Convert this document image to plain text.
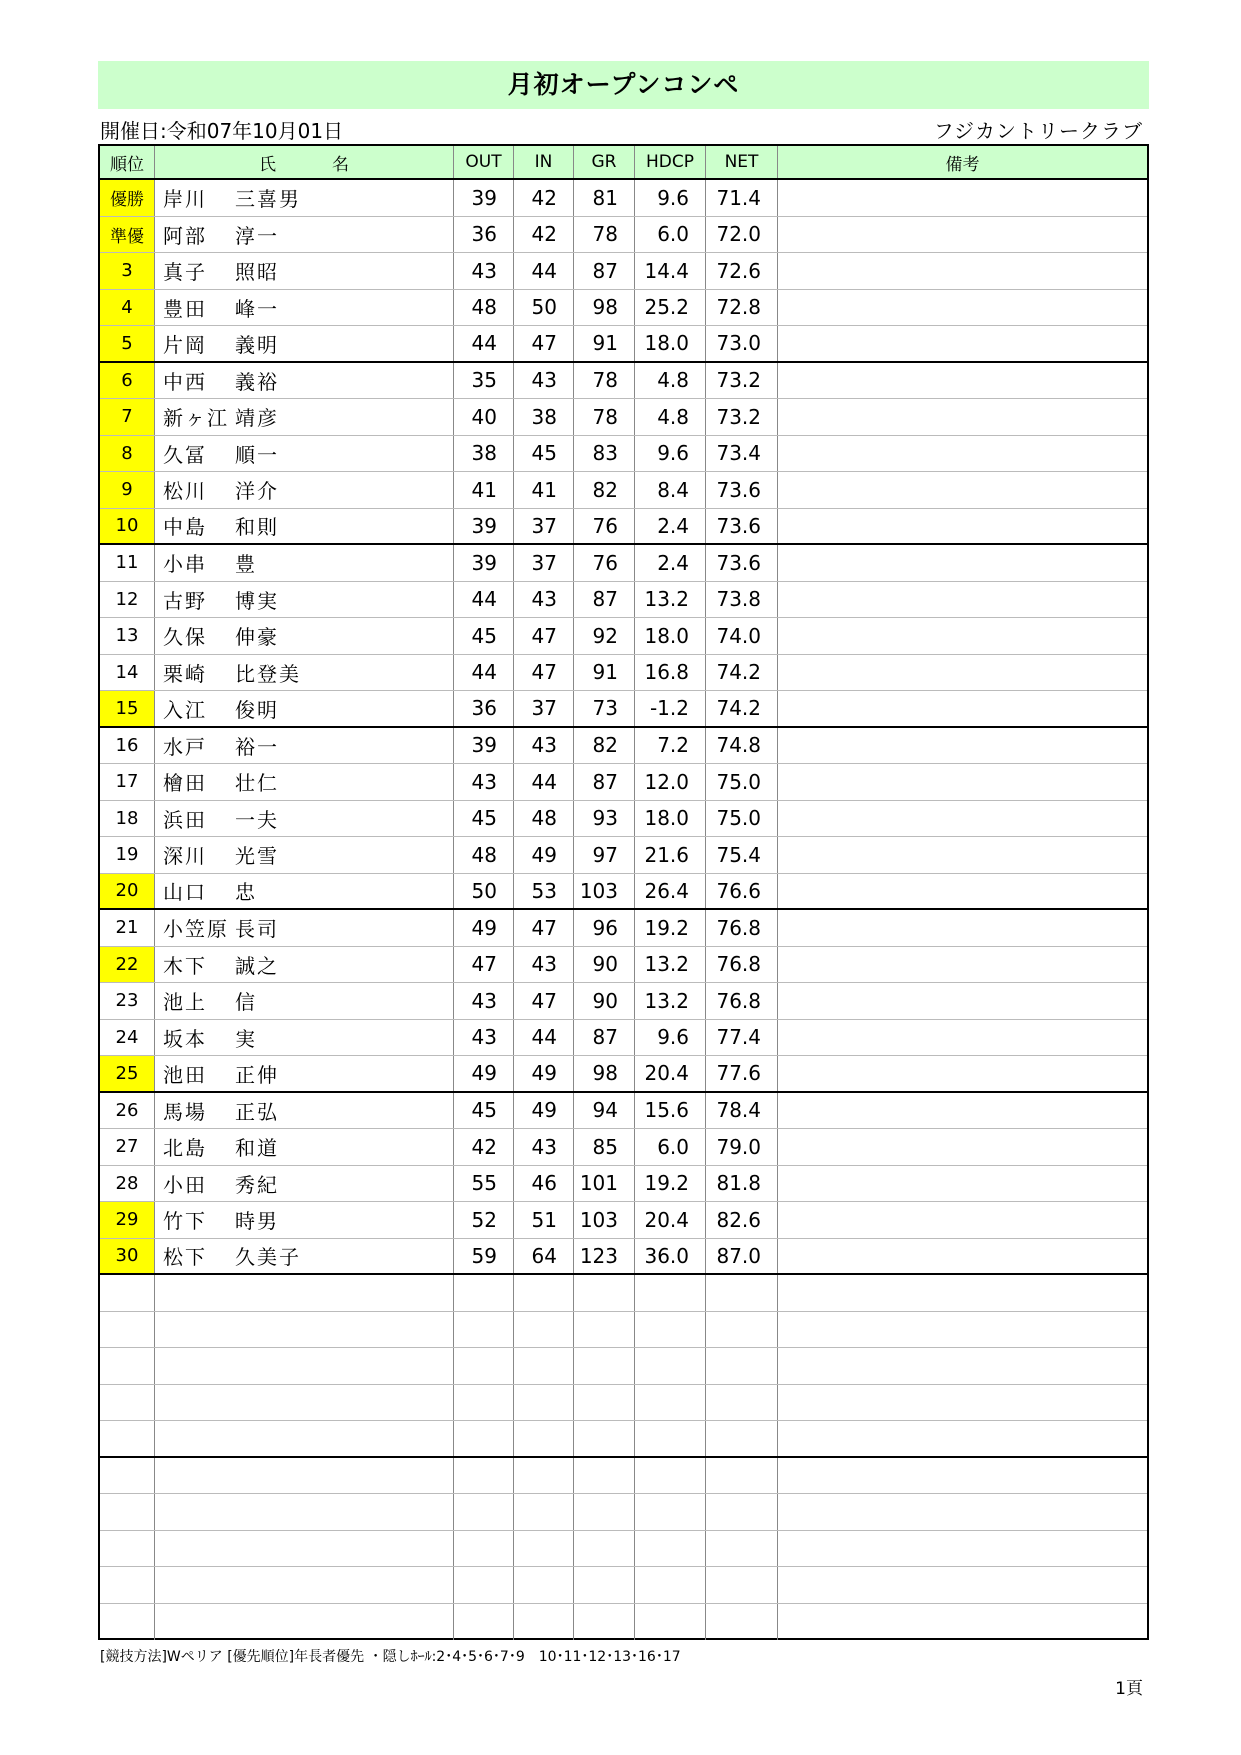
月初オープンコンペ
開催日:令和07年10月01日	フジカントリークラブ
順位	氏	名	OUT	IN	GR	HDCP	NET	備考
優勝 岸川	三喜男	39	42	81	9.6	71.4
準優 阿部	淳一	36	42	78	6.0	72.0
3	真子	照昭	43	44	87	14.4	72.6
4	豊田	峰一	48	50	98	25.2	72.8
5	片岡	義明	44	47	91	18.0	73.0
6	中西	義裕	35	43	78	4.8	73.2
7	新ヶ江 靖彦	40	38	78	4.8	73.2
8	久冨	順一	38	45	83	9.6	73.4
9	松川	洋介	41	41	82	8.4	73.6
10	中島	和則	39	37	76	2.4	73.6
11	小串	豊	39	37	76	2.4	73.6
12	古野	博実	44	43	87	13.2	73.8
13	久保	伸豪	45	47	92	18.0	74.0
14	栗崎	比登美	44	47	91	16.8	74.2
15	入江	俊明	36	37	73	-1.2	74.2
16	水戸	裕一	39	43	82	7.2	74.8
17	檜田	壮仁	43	44	87	12.0	75.0
18	浜田	一夫	45	48	93	18.0	75.0
19	深川	光雪	48	49	97	21.6	75.4
20	山口	忠	50	53	103	26.4	76.6
21	小笠原 長司	49	47	96	19.2	76.8
22	木下	誠之	47	43	90	13.2	76.8
23	池上	信	43	47	90	13.2	76.8
24	坂本	実	43	44	87	9.6	77.4
25	池田	正伸	49	49	98	20.4	77.6
26	馬場	正弘	45	49	94	15.6	78.4
27	北島	和道	42	43	85	6.0	79.0
28	小田	秀紀	55	46	101	19.2	81.8
29	竹下	時男	52	51	103	20.4	82.6
30	松下	久美子	59	64	123	36.0	87.0
[競技方法]Wペリア [優先順位]年長者優先 ・隠しﾎｰﾙ:2･4･5･6･7･9　10･11･12･13･16･17
1頁
